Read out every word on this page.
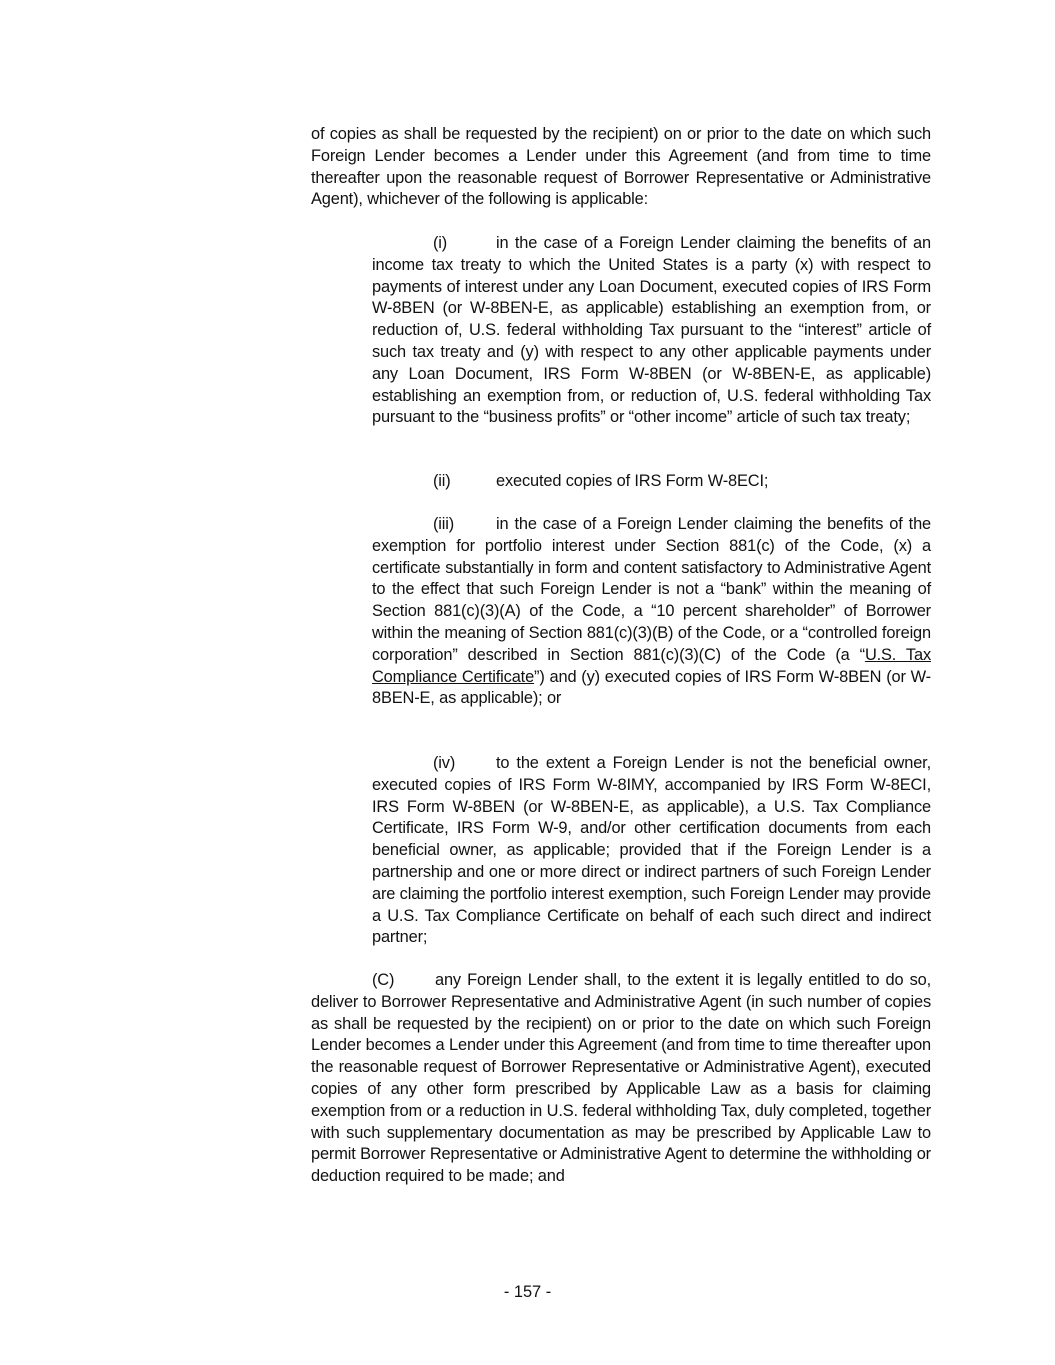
of copies as shall be requested by the recipient) on or prior to the date on which such Foreign Lender becomes a Lender under this Agreement (and from time to time thereafter upon the reasonable request of Borrower Representative or Administrative Agent), whichever of the following is applicable:

(i)	in the case of a Foreign Lender claiming the benefits of an income tax treaty to which the United States is a party (x) with respect to payments of interest under any Loan Document, executed copies of IRS Form W-8BEN (or W-8BEN-E, as applicable) establishing an exemption from, or reduction of, U.S. federal withholding Tax pursuant to the “interest” article of such tax treaty and (y) with respect to any other applicable payments under any Loan Document, IRS Form W-8BEN (or W-8BEN-E, as applicable) establishing an exemption from, or reduction of, U.S. federal withholding Tax pursuant to the “business profits” or “other income” article of such tax treaty;

(ii)	executed copies of IRS Form W-8ECI;

(iii)	in the case of a Foreign Lender claiming the benefits of the exemption for portfolio interest under Section 881(c) of the Code, (x) a certificate substantially in form and content satisfactory to Administrative Agent to the effect that such Foreign Lender is not a “bank” within the meaning of Section 881(c)(3)(A) of the Code, a “10 percent shareholder” of Borrower within the meaning of Section 881(c)(3)(B) of the Code, or a “controlled foreign corporation” described in Section 881(c)(3)(C) of the Code (a “U.S. Tax Compliance Certificate”) and (y) executed copies of IRS Form W-8BEN (or W-8BEN-E, as applicable); or

(iv) to the extent a Foreign Lender is not the beneficial owner, executed copies of IRS Form W-8IMY, accompanied by IRS Form W-8ECI, IRS Form W-8BEN (or W-8BEN-E, as applicable), a U.S. Tax Compliance Certificate, IRS Form W-9, and/or other certification documents from each beneficial owner, as applicable; provided that if the Foreign Lender is a partnership and one or more direct or indirect partners of such Foreign Lender are claiming the portfolio interest exemption, such Foreign Lender may provide a U.S. Tax Compliance Certificate on behalf of each such direct and indirect partner;

(C) any Foreign Lender shall, to the extent it is legally entitled to do so, deliver to Borrower Representative and Administrative Agent (in such number of copies as shall be requested by the recipient) on or prior to the date on which such Foreign Lender becomes a Lender under this Agreement (and from time to time thereafter upon the reasonable request of Borrower Representative or Administrative Agent), executed copies of any other form prescribed by Applicable Law as a basis for claiming exemption from or a reduction in U.S. federal withholding Tax, duly completed, together with such supplementary documentation as may be prescribed by Applicable Law to permit Borrower Representative or Administrative Agent to determine the withholding or deduction required to be made; and

- 157 -
